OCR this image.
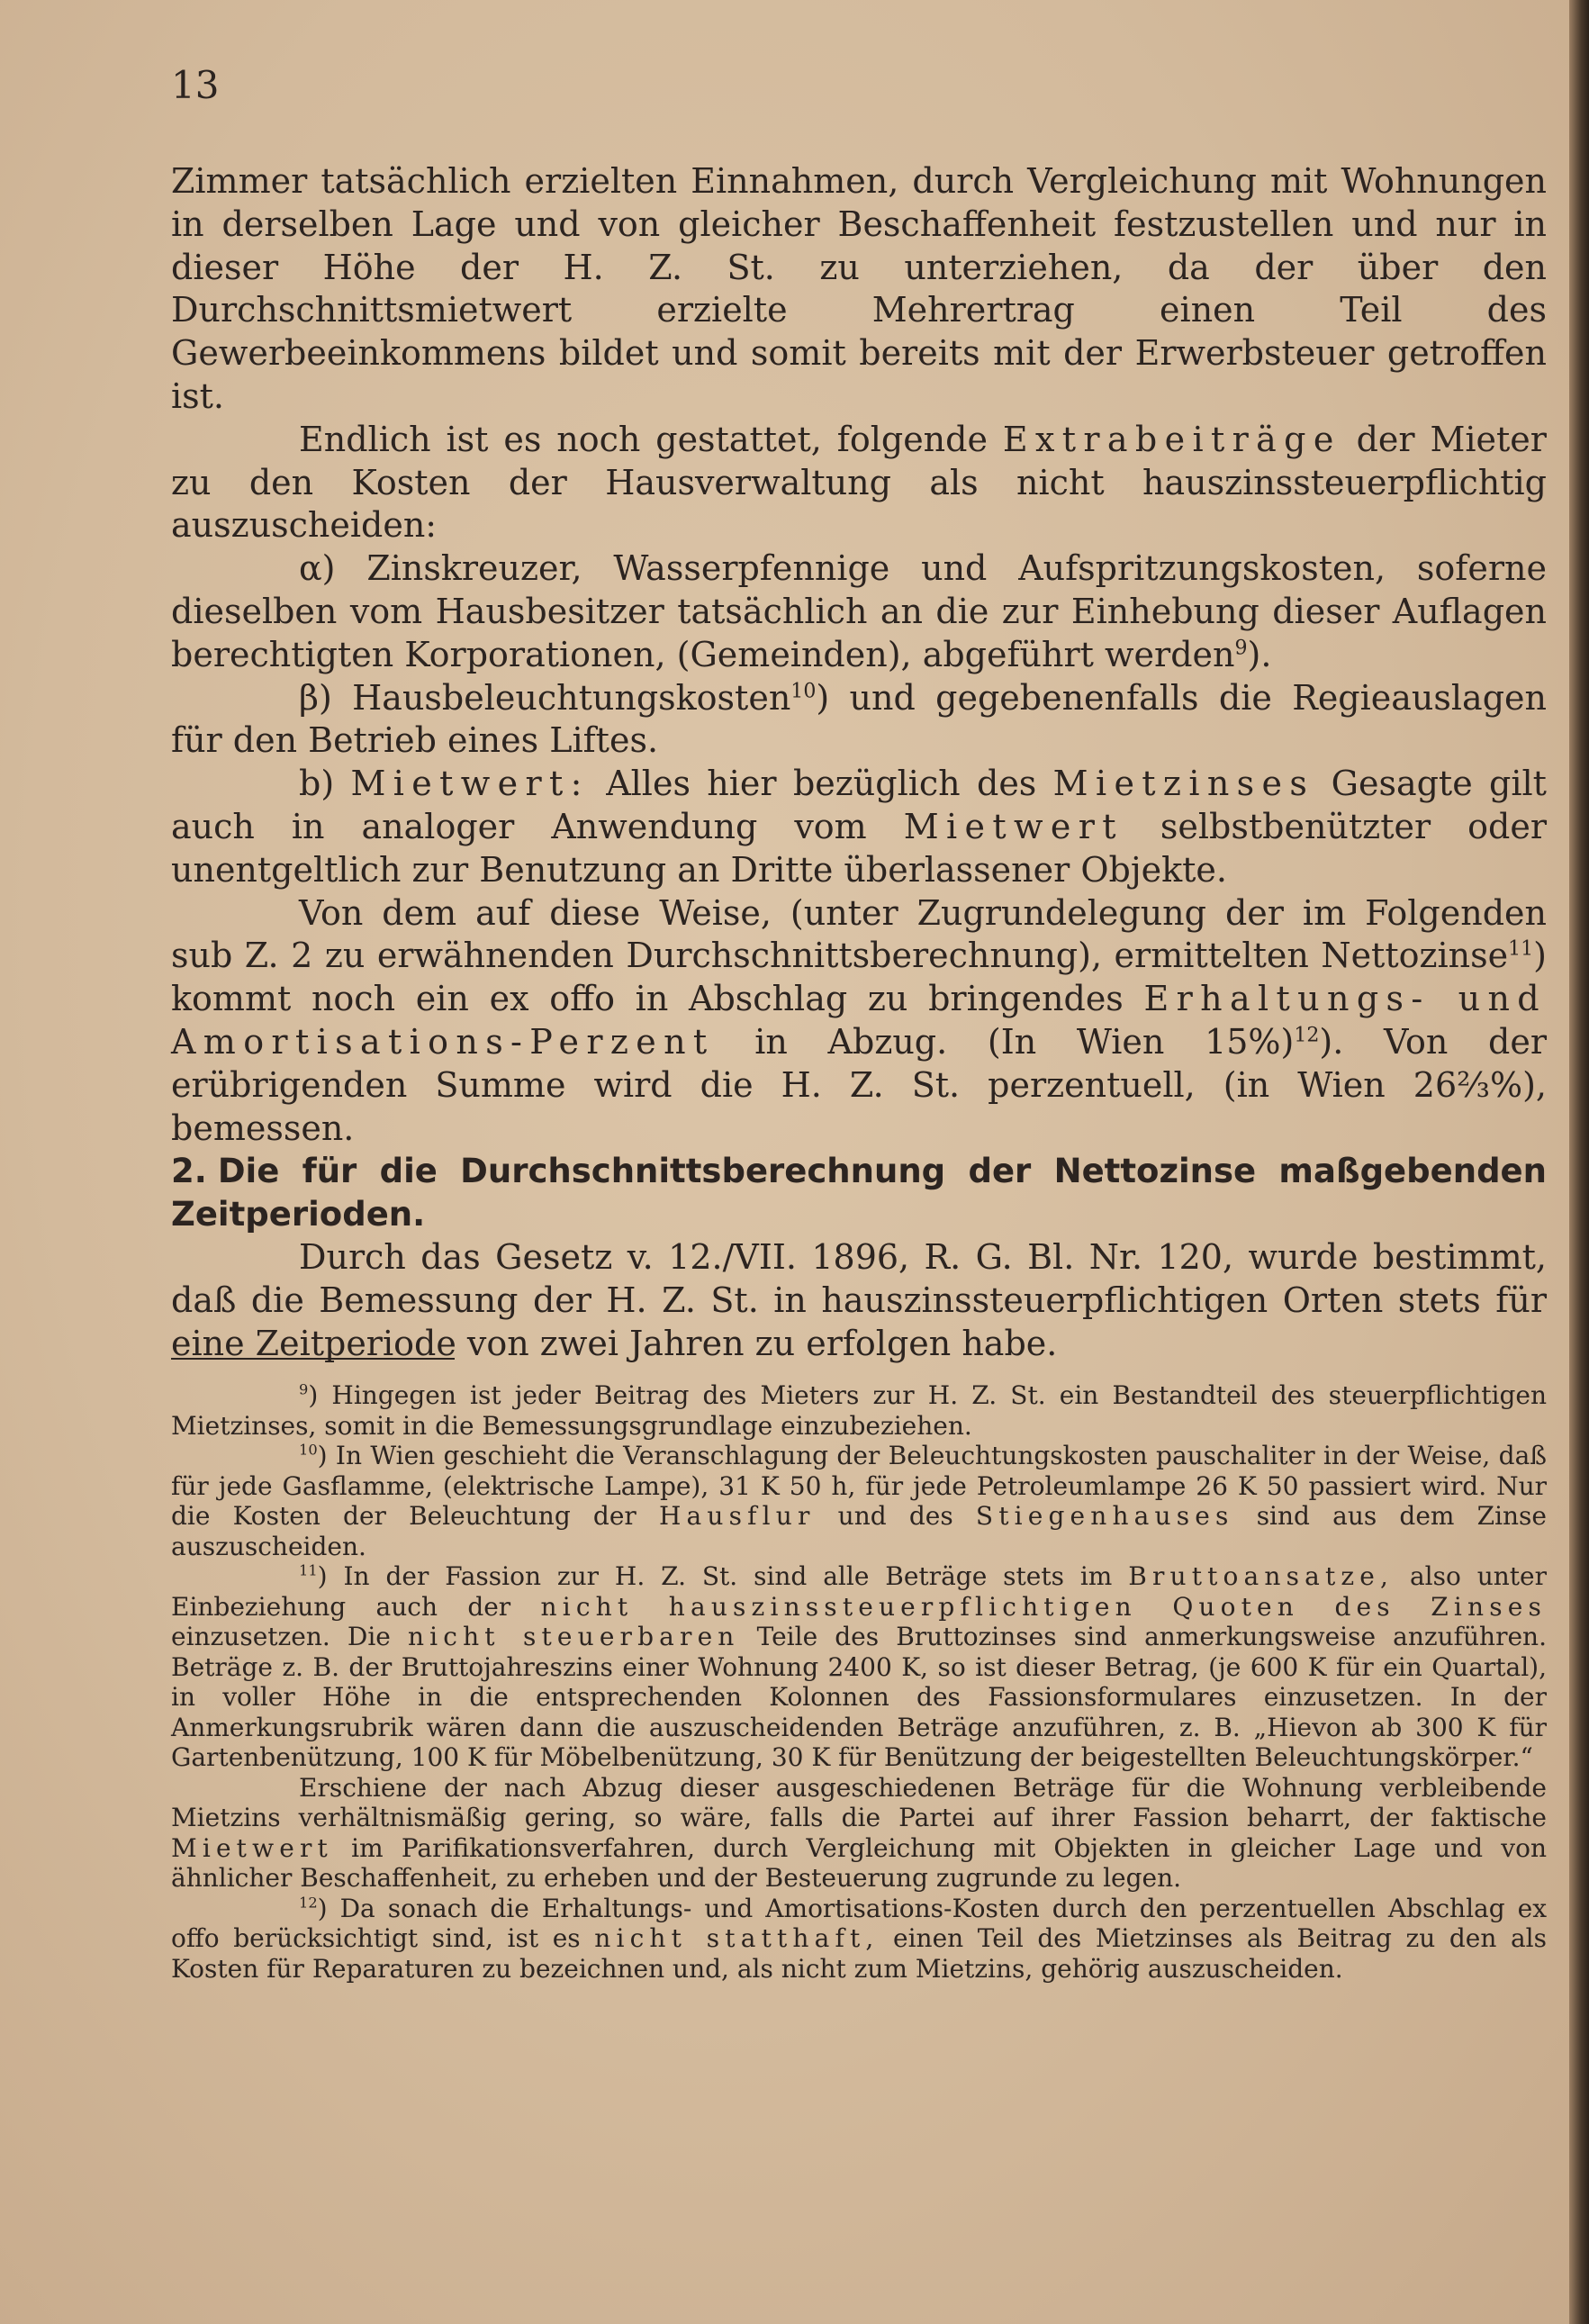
13

Zimmer tatsächlich erzielten Einnahmen, durch Vergleichung mit Wohnungen in derselben Lage und von gleicher Beschaffenheit festzustellen und nur in dieser Höhe der H. Z. St. zu unterziehen, da der über den Durchschnittsmietwert erzielte Mehrertrag einen Teil des Gewerbeeinkommens bildet und somit bereits mit der Erwerbsteuer getroffen ist.

Endlich ist es noch gestattet, folgende Extrabeiträge der Mieter zu den Kosten der Hausverwaltung als nicht hauszinssteuerpflichtig auszuscheiden:

α) Zinskreuzer, Wasserpfennige und Aufspritzungskosten, soferne dieselben vom Hausbesitzer tatsächlich an die zur Einhebung dieser Auflagen berechtigten Korporationen, (Gemeinden), abgeführt werden$^9$).

β) Hausbeleuchtungskosten$^{10}$) und gegebenenfalls die Regieauslagen für den Betrieb eines Liftes.

b) Mietwert: Alles hier bezüglich des Mietzinses Gesagte gilt auch in analoger Anwendung vom Mietwert selbstbenützter oder unentgeltlich zur Benutzung an Dritte überlassener Objekte.

Von dem auf diese Weise, (unter Zugrundelegung der im Folgenden sub Z. 2 zu erwähnenden Durchschnittsberechnung), ermittelten Nettozinse$^{11}$) kommt noch ein ex offo in Abschlag zu bringendes Erhaltungs- und Amortisations-Perzent in Abzug. (In Wien 15%)$^{12}$). Von der erübrigenden Summe wird die H. Z. St. perzentuell, (in Wien 26⅔%), bemessen.

2. Die für die Durchschnittsberechnung der Nettozinse maßgebenden Zeitperioden.

Durch das Gesetz v. 12./VII. 1896, R. G. Bl. Nr. 120, wurde bestimmt, daß die Bemessung der H. Z. St. in hauszinssteuerpflichtigen Orten stets für eine Zeitperiode von zwei Jahren zu erfolgen habe.

$^9$) Hingegen ist jeder Beitrag des Mieters zur H. Z. St. ein Bestandteil des steuerpflichtigen Mietzinses, somit in die Bemessungsgrundlage einzubeziehen.

$^{10}$) In Wien geschieht die Veranschlagung der Beleuchtungskosten pauschaliter in der Weise, daß für jede Gasflamme, (elektrische Lampe), 31 K 50 h, für jede Petroleumlampe 26 K 50 passiert wird. Nur die Kosten der Beleuchtung der Hausflur und des Stiegenhauses sind aus dem Zinse auszuscheiden.

$^{11}$) In der Fassion zur H. Z. St. sind alle Beträge stets im Bruttoansatze, also unter Einbeziehung auch der nicht hauszinssteuerpflichtigen Quoten des Zinses einzusetzen. Die nicht steuerbaren Teile des Bruttozinses sind anmerkungsweise anzuführen. Beträge z. B. der Bruttojahreszins einer Wohnung 2400 K, so ist dieser Betrag, (je 600 K für ein Quartal), in voller Höhe in die entsprechenden Kolonnen des Fassionsformulares einzusetzen. In der Anmerkungsrubrik wären dann die auszuscheidenden Beträge anzuführen, z. B. „Hievon ab 300 K für Gartenbenützung, 100 K für Möbelbenützung, 30 K für Benützung der beigestellten Beleuchtungskörper.“

Erschiene der nach Abzug dieser ausgeschiedenen Beträge für die Wohnung verbleibende Mietzins verhältnismäßig gering, so wäre, falls die Partei auf ihrer Fassion beharrt, der faktische Mietwert im Parifikationsverfahren, durch Vergleichung mit Objekten in gleicher Lage und von ähnlicher Beschaffenheit, zu erheben und der Besteuerung zugrunde zu legen.

$^{12}$) Da sonach die Erhaltungs- und Amortisations-Kosten durch den perzentuellen Abschlag ex offo berücksichtigt sind, ist es nicht statthaft, einen Teil des Mietzinses als Beitrag zu den als Kosten für Reparaturen zu bezeichnen und, als nicht zum Mietzins, gehörig auszuscheiden.
